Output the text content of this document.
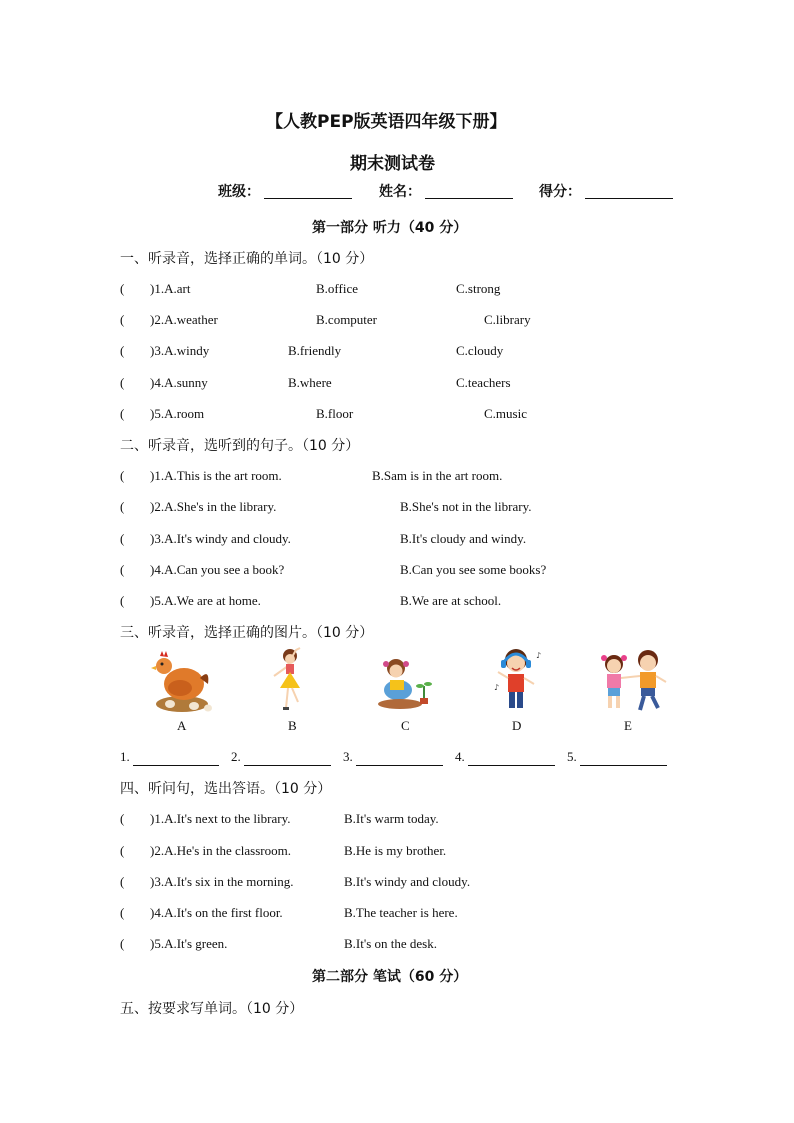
【人教PEP版英语四年级下册】
期末测试卷
班级：	姓名：	得分：
第一部分 听力（40 分）
一、听录音，选择正确的单词。（10 分）
( )1.A.art	B.office	C.strong
( )2.A.weather	B.computer	C.library
( )3.A.windy	B.friendly	C.cloudy
( )4.A.sunny	B.where	C.teachers
( )5.A.room	B.floor	C.music
二、听录音，选听到的句子。（10 分）
( )1.A.This is the art room.	B.Sam is in the art room.
( )2.A.She's in the library.	B.She's not in the library.
( )3.A.It's windy and cloudy.	B.It's cloudy and windy.
( )4.A.Can you see a book?	B.Can you see some books?
( )5.A.We are at home.	B.We are at school.
三、听录音，选择正确的图片。（10 分）
A	B	C
♪
♪
D	E
1.	2.	3.	4.	5.
四、听问句，选出答语。（10 分）
( )1.A.It's next to the library.	B.It's warm today.
( )2.A.He's in the classroom.	B.He is my brother.
( )3.A.It's six in the morning.	B.It's windy and cloudy.
( )4.A.It's on the first floor.	B.The teacher is here.
( )5.A.It's green.	B.It's on the desk.
第二部分 笔试（60 分）
五、按要求写单词。（10 分）
